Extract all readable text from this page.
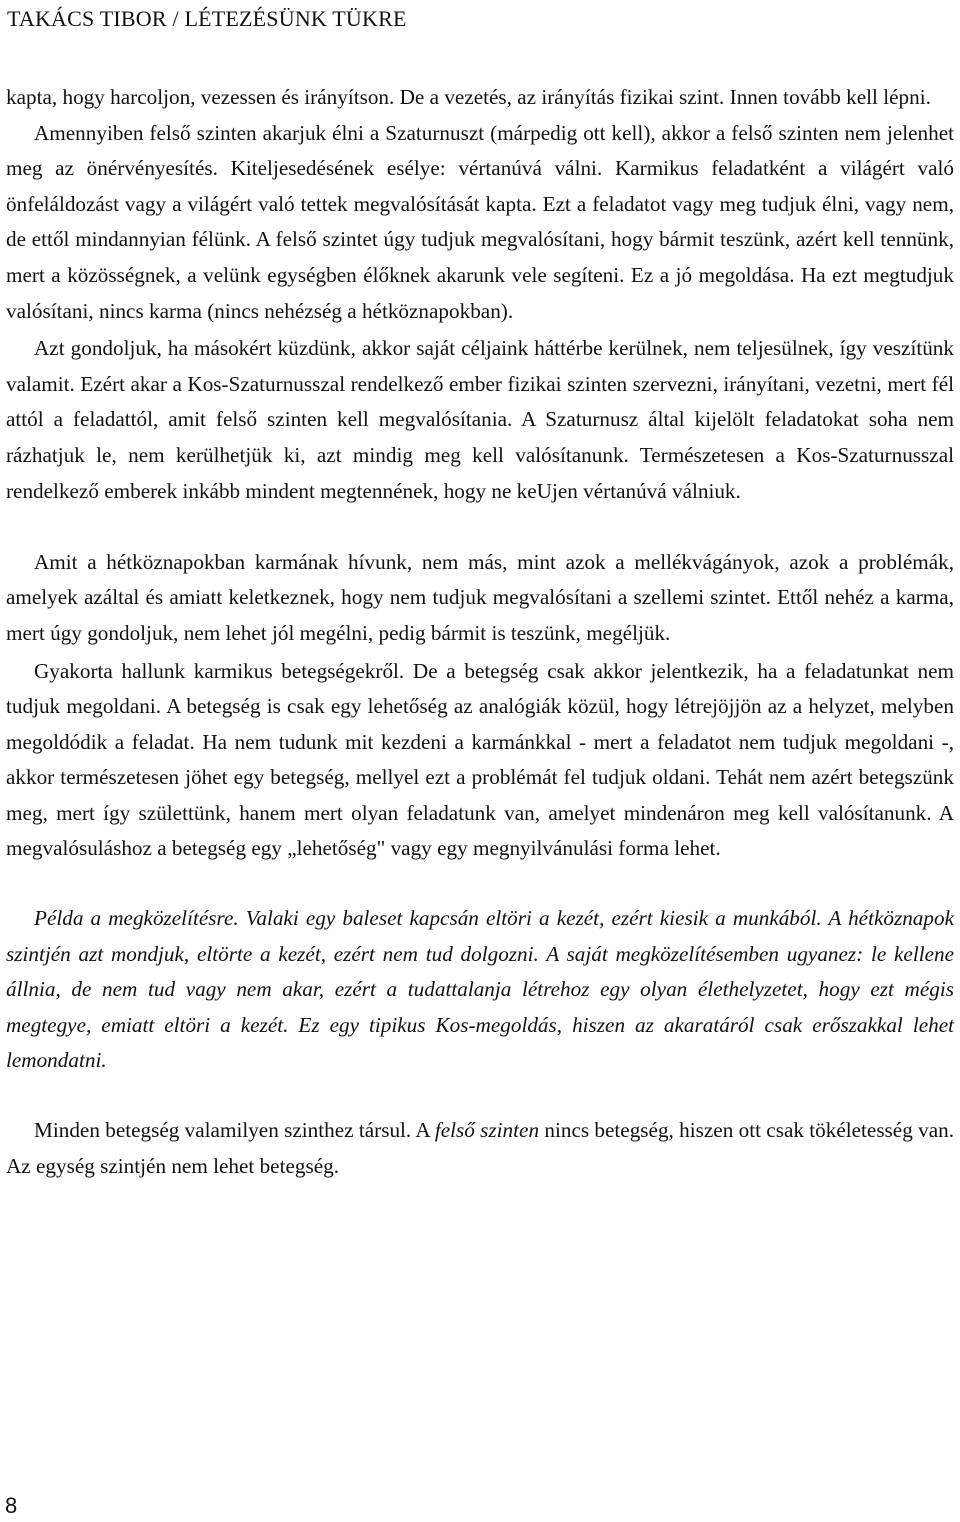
TAKÁCS TIBOR / LÉTEZÉSÜNK TÜKRE

kapta, hogy harcoljon, vezessen és irányítson. De a vezetés, az irányítás fizikai szint. Innen tovább kell lépni.

Amennyiben felső szinten akarjuk élni a Szaturnuszt (márpedig ott kell), akkor a felső szinten nem jelenhet meg az önérvényesítés. Kiteljesedésének esélye: vértanúvá válni. Karmikus feladatként a világért való önfeláldozást vagy a világért való tettek megvalósítását kapta. Ezt a feladatot vagy meg tudjuk élni, vagy nem, de ettől mindannyian félünk. A felső szintet úgy tudjuk megvalósítani, hogy bármit teszünk, azért kell tennünk, mert a közösségnek, a velünk egységben élőknek akarunk vele segíteni. Ez a jó megoldása. Ha ezt megtudjuk valósítani, nincs karma (nincs nehézség a hétköznapokban).

Azt gondoljuk, ha másokért küzdünk, akkor saját céljaink háttérbe kerülnek, nem teljesülnek, így veszítünk valamit. Ezért akar a Kos-Szaturnusszal rendelkező ember fizikai szinten szervezni, irányítani, vezetni, mert fél attól a feladattól, amit felső szinten kell megvalósítania. A Szaturnusz által kijelölt feladatokat soha nem rázhatjuk le, nem kerülhetjük ki, azt mindig meg kell valósítanunk. Természetesen a Kos-Szaturnusszal rendelkező emberek inkább mindent megtennének, hogy ne keUjen vértanúvá válniuk.

Amit a hétköznapokban karmának hívunk, nem más, mint azok a mellékvágányok, azok a problémák, amelyek azáltal és amiatt keletkeznek, hogy nem tudjuk megvalósítani a szellemi szintet. Ettől nehéz a karma, mert úgy gondoljuk, nem lehet jól megélni, pedig bármit is teszünk, megéljük.

Gyakorta hallunk karmikus betegségekről. De a betegség csak akkor jelentkezik, ha a feladatunkat nem tudjuk megoldani. A betegség is csak egy lehetőség az analógiák közül, hogy létrejöjjön az a helyzet, melyben megoldódik a feladat. Ha nem tudunk mit kezdeni a karmánkkal - mert a feladatot nem tudjuk megoldani -, akkor természetesen jöhet egy betegség, mellyel ezt a problémát fel tudjuk oldani. Tehát nem azért betegszünk meg, mert így születtünk, hanem mert olyan feladatunk van, amelyet mindenáron meg kell valósítanunk. A megvalósuláshoz a betegség egy „lehetőség" vagy egy megnyilvánulási forma lehet.

Példa a megközelítésre. Valaki egy baleset kapcsán eltöri a kezét, ezért kiesik a munkából. A hétköznapok szintjén azt mondjuk, eltörte a kezét, ezért nem tud dolgozni. A saját megközelítésemben ugyanez: le kellene állnia, de nem tud vagy nem akar, ezért a tudattalanja létrehoz egy olyan élethelyzetet, hogy ezt mégis megtegye, emiatt eltöri a kezét. Ez egy tipikus Kos-megoldás, hiszen az akaratáról csak erőszakkal lehet lemondatni.

Minden betegség valamilyen szinthez társul. A felső szinten nincs betegség, hiszen ott csak tökéletesség van. Az egység szintjén nem lehet betegség.

8
